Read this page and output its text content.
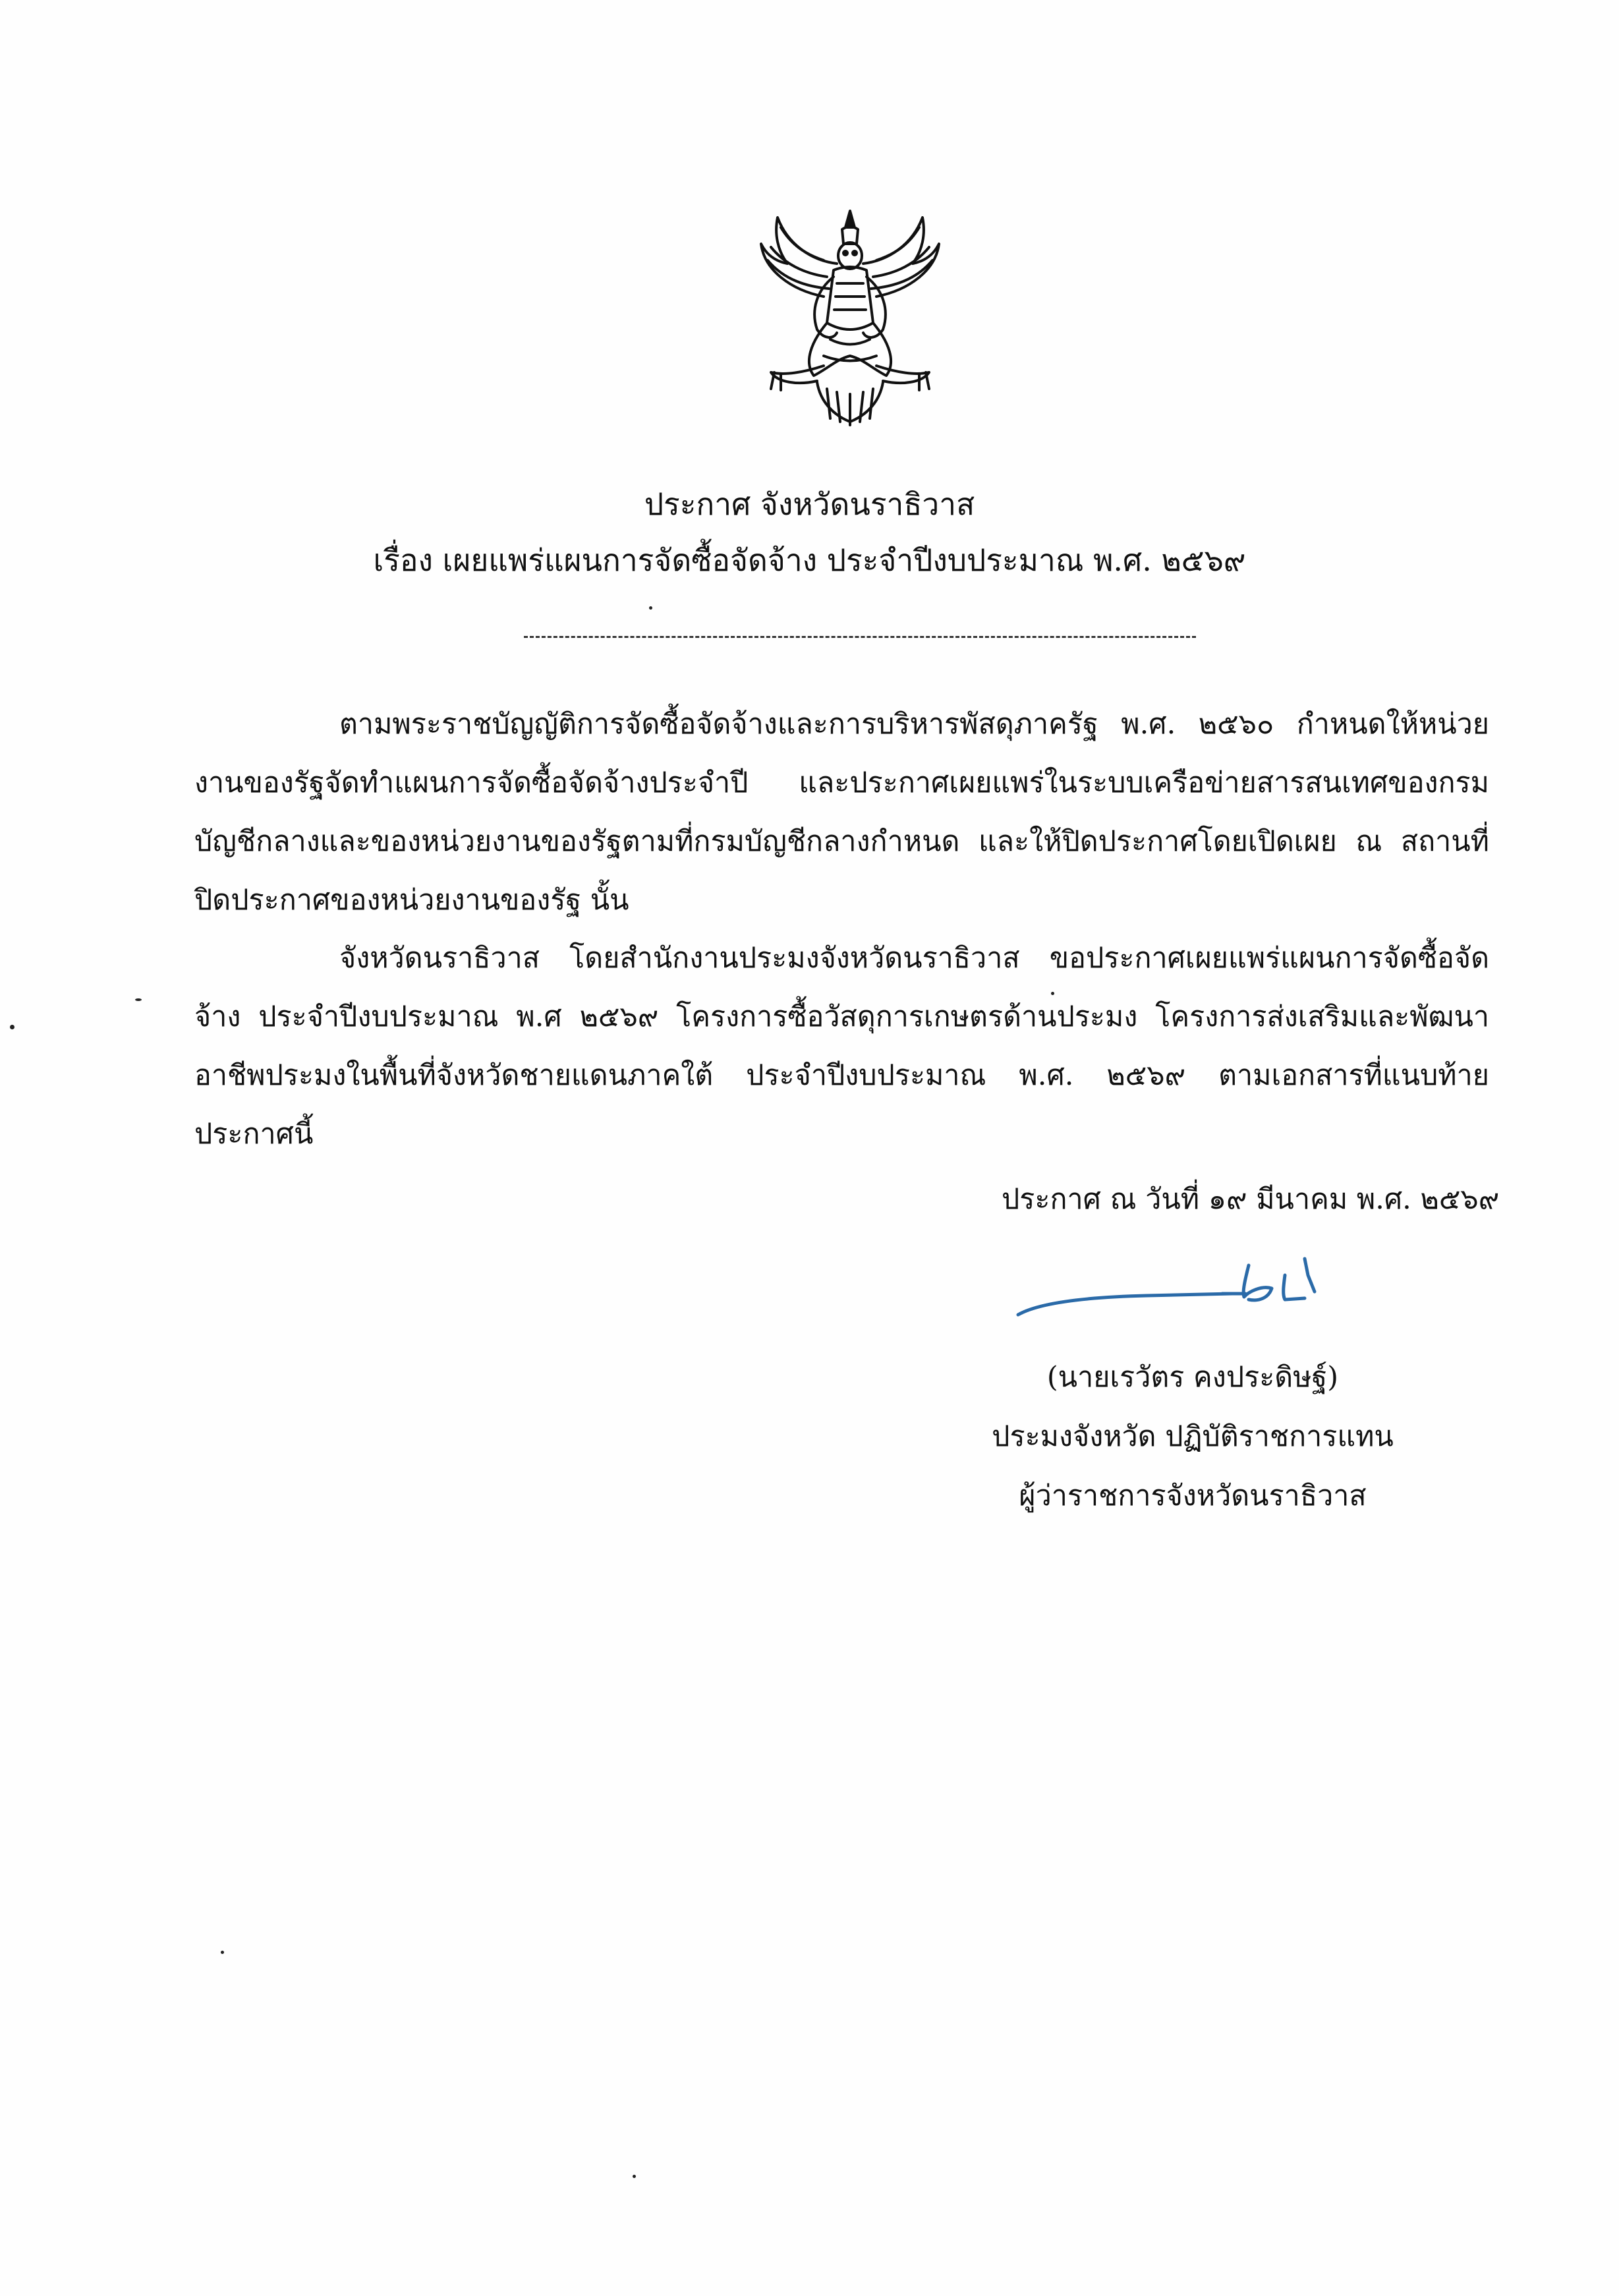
ประกาศ จังหวัดนราธิวาส
เรื่อง เผยแพร่แผนการจัดซื้อจัดจ้าง ประจำปีงบประมาณ พ.ศ. ๒๕๖๙
ตามพระราชบัญญัติการจัดซื้อจัดจ้างและการบริหารพัสดุภาครัฐ พ.ศ. ๒๕๖๐ กำหนดให้หน่วยงานของรัฐจัดทำแผนการจัดซื้อจัดจ้างประจำปี และประกาศเผยแพร่ในระบบเครือข่ายสารสนเทศของกรมบัญชีกลางและของหน่วยงานของรัฐตามที่กรมบัญชีกลางกำหนด และให้ปิดประกาศโดยเปิดเผย ณ สถานที่ปิดประกาศของหน่วยงานของรัฐ นั้น
จังหวัดนราธิวาส โดยสำนักงานประมงจังหวัดนราธิวาส ขอประกาศเผยแพร่แผนการจัดซื้อจัดจ้าง ประจำปีงบประมาณ พ.ศ ๒๕๖๙ โครงการซื้อวัสดุการเกษตรด้านประมง โครงการส่งเสริมและพัฒนาอาชีพประมงในพื้นที่จังหวัดชายแดนภาคใต้ ประจำปีงบประมาณ พ.ศ. ๒๕๖๙ ตามเอกสารที่แนบท้ายประกาศนี้
ประกาศ ณ วันที่ ๑๙ มีนาคม พ.ศ. ๒๕๖๙
(นายเรวัตร คงประดิษฐ์)
ประมงจังหวัด ปฏิบัติราชการแทน
ผู้ว่าราชการจังหวัดนราธิวาส
